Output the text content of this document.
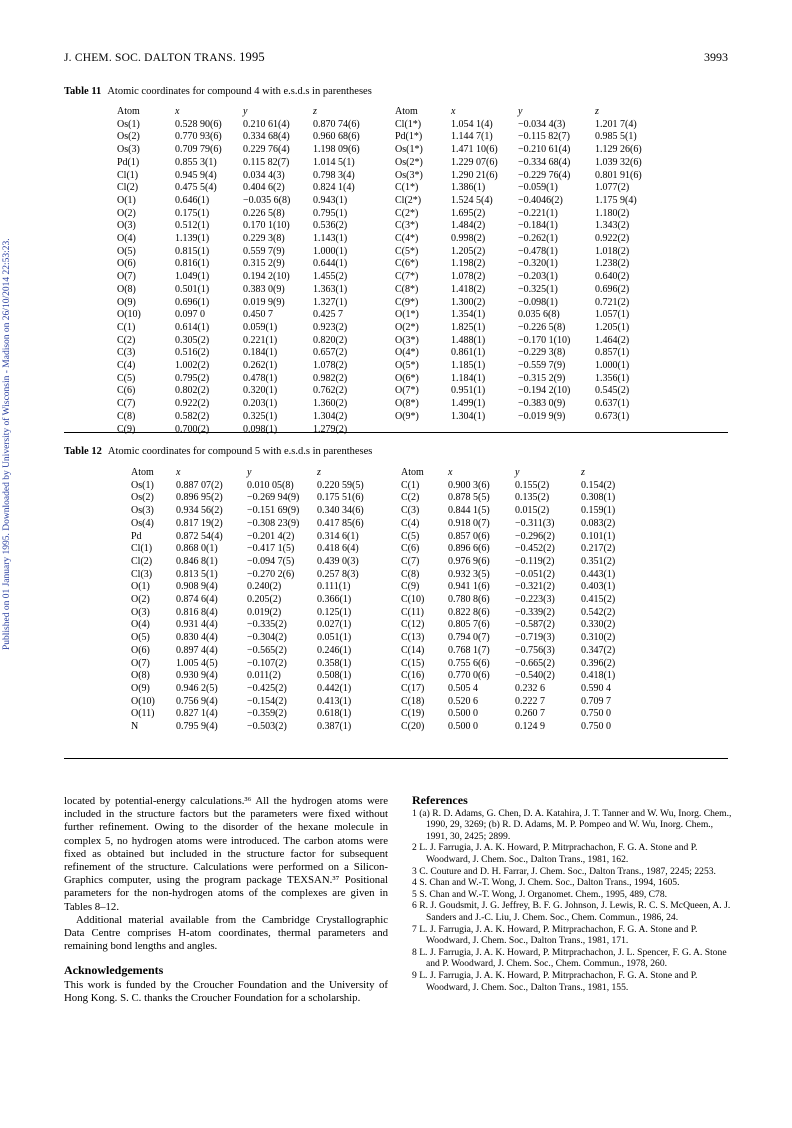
Published on 01 January 1995. Downloaded by University of Wisconsin - Madison on 26/10/2014 22:53:23.
J. CHEM. SOC. DALTON TRANS. 1995	3993
Table 11 Atomic coordinates for compound 4 with e.s.d.s in parentheses
Atom	x	y	z	Atom	x	y	z
Os(1)	0.528 90(6)	0.210 61(4)	0.870 74(6)	Cl(1*)	1.054 1(4)	−0.034 4(3)	1.201 7(4)
Os(2)	0.770 93(6)	0.334 68(4)	0.960 68(6)	Pd(1*)	1.144 7(1)	−0.115 82(7)	0.985 5(1)
Os(3)	0.709 79(6)	0.229 76(4)	1.198 09(6)	Os(1*)	1.471 10(6)	−0.210 61(4)	1.129 26(6)
Pd(1)	0.855 3(1)	0.115 82(7)	1.014 5(1)	Os(2*)	1.229 07(6)	−0.334 68(4)	1.039 32(6)
Cl(1)	0.945 9(4)	0.034 4(3)	0.798 3(4)	Os(3*)	1.290 21(6)	−0.229 76(4)	0.801 91(6)
Cl(2)	0.475 5(4)	0.404 6(2)	0.824 1(4)	C(1*)	1.386(1)	−0.059(1)	1.077(2)
O(1)	0.646(1)	−0.035 6(8)	0.943(1)	Cl(2*)	1.524 5(4)	−0.4046(2)	1.175 9(4)
O(2)	0.175(1)	0.226 5(8)	0.795(1)	C(2*)	1.695(2)	−0.221(1)	1.180(2)
O(3)	0.512(1)	0.170 1(10)	0.536(2)	C(3*)	1.484(2)	−0.184(1)	1.343(2)
O(4)	1.139(1)	0.229 3(8)	1.143(1)	C(4*)	0.998(2)	−0.262(1)	0.922(2)
O(5)	0.815(1)	0.559 7(9)	1.000(1)	C(5*)	1.205(2)	−0.478(1)	1.018(2)
O(6)	0.816(1)	0.315 2(9)	0.644(1)	C(6*)	1.198(2)	−0.320(1)	1.238(2)
O(7)	1.049(1)	0.194 2(10)	1.455(2)	C(7*)	1.078(2)	−0.203(1)	0.640(2)
O(8)	0.501(1)	0.383 0(9)	1.363(1)	C(8*)	1.418(2)	−0.325(1)	0.696(2)
O(9)	0.696(1)	0.019 9(9)	1.327(1)	C(9*)	1.300(2)	−0.098(1)	0.721(2)
O(10)	0.097 0	0.450 7	0.425 7	O(1*)	1.354(1)	0.035 6(8)	1.057(1)
C(1)	0.614(1)	0.059(1)	0.923(2)	O(2*)	1.825(1)	−0.226 5(8)	1.205(1)
C(2)	0.305(2)	0.221(1)	0.820(2)	O(3*)	1.488(1)	−0.170 1(10)	1.464(2)
C(3)	0.516(2)	0.184(1)	0.657(2)	O(4*)	0.861(1)	−0.229 3(8)	0.857(1)
C(4)	1.002(2)	0.262(1)	1.078(2)	O(5*)	1.185(1)	−0.559 7(9)	1.000(1)
C(5)	0.795(2)	0.478(1)	0.982(2)	O(6*)	1.184(1)	−0.315 2(9)	1.356(1)
C(6)	0.802(2)	0.320(1)	0.762(2)	O(7*)	0.951(1)	−0.194 2(10)	0.545(2)
C(7)	0.922(2)	0.203(1)	1.360(2)	O(8*)	1.499(1)	−0.383 0(9)	0.637(1)
C(8)	0.582(2)	0.325(1)	1.304(2)	O(9*)	1.304(1)	−0.019 9(9)	0.673(1)
C(9)	0.700(2)	0.098(1)	1.279(2)				
Table 12 Atomic coordinates for compound 5 with e.s.d.s in parentheses
Atom	x	y	z	Atom	x	y	z
Os(1)	0.887 07(2)	0.010 05(8)	0.220 59(5)	C(1)	0.900 3(6)	0.155(2)	0.154(2)
Os(2)	0.896 95(2)	−0.269 94(9)	0.175 51(6)	C(2)	0.878 5(5)	0.135(2)	0.308(1)
Os(3)	0.934 56(2)	−0.151 69(9)	0.340 34(6)	C(3)	0.844 1(5)	0.015(2)	0.159(1)
Os(4)	0.817 19(2)	−0.308 23(9)	0.417 85(6)	C(4)	0.918 0(7)	−0.311(3)	0.083(2)
Pd	0.872 54(4)	−0.201 4(2)	0.314 6(1)	C(5)	0.857 0(6)	−0.296(2)	0.101(1)
Cl(1)	0.868 0(1)	−0.417 1(5)	0.418 6(4)	C(6)	0.896 6(6)	−0.452(2)	0.217(2)
Cl(2)	0.846 8(1)	−0.094 7(5)	0.439 0(3)	C(7)	0.976 9(6)	−0.119(2)	0.351(2)
Cl(3)	0.813 5(1)	−0.270 2(6)	0.257 8(3)	C(8)	0.932 3(5)	−0.051(2)	0.443(1)
O(1)	0.908 9(4)	0.240(2)	0.111(1)	C(9)	0.941 1(6)	−0.321(2)	0.403(1)
O(2)	0.874 6(4)	0.205(2)	0.366(1)	C(10)	0.780 8(6)	−0.223(3)	0.415(2)
O(3)	0.816 8(4)	0.019(2)	0.125(1)	C(11)	0.822 8(6)	−0.339(2)	0.542(2)
O(4)	0.931 4(4)	−0.335(2)	0.027(1)	C(12)	0.805 7(6)	−0.587(2)	0.330(2)
O(5)	0.830 4(4)	−0.304(2)	0.051(1)	C(13)	0.794 0(7)	−0.719(3)	0.310(2)
O(6)	0.897 4(4)	−0.565(2)	0.246(1)	C(14)	0.768 1(7)	−0.756(3)	0.347(2)
O(7)	1.005 4(5)	−0.107(2)	0.358(1)	C(15)	0.755 6(6)	−0.665(2)	0.396(2)
O(8)	0.930 9(4)	0.011(2)	0.508(1)	C(16)	0.770 0(6)	−0.540(2)	0.418(1)
O(9)	0.946 2(5)	−0.425(2)	0.442(1)	C(17)	0.505 4	0.232 6	0.590 4
O(10)	0.756 9(4)	−0.154(2)	0.413(1)	C(18)	0.520 6	0.222 7	0.709 7
O(11)	0.827 1(4)	−0.359(2)	0.618(1)	C(19)	0.500 0	0.260 7	0.750 0
N	0.795 9(4)	−0.503(2)	0.387(1)	C(20)	0.500 0	0.124 9	0.750 0

located by potential-energy calculations.³⁶ All the hydrogen atoms were included in the structure factors but the parameters were fixed without further refinement. Owing to the disorder of the hexane molecule in complex 5, no hydrogen atoms were introduced. The carbon atoms were fixed as obtained but included in the structure factor for subsequent refinement of the structure. Calculations were performed on a Silicon-Graphics computer, using the program package TEXSAN.³⁷ Positional parameters for the non-hydrogen atoms of the complexes are given in Tables 8–12.

Additional material available from the Cambridge Crystallographic Data Centre comprises H-atom coordinates, thermal parameters and remaining bond lengths and angles.

Acknowledgements

This work is funded by the Croucher Foundation and the University of Hong Kong. S. C. thanks the Croucher Foundation for a scholarship.

References

1 (a) R. D. Adams, G. Chen, D. A. Katahira, J. T. Tanner and W. Wu, Inorg. Chem., 1990, 29, 3269; (b) R. D. Adams, M. P. Pompeo and W. Wu, Inorg. Chem., 1991, 30, 2425; 2899.

2 L. J. Farrugia, J. A. K. Howard, P. Mitrprachachon, F. G. A. Stone and P. Woodward, J. Chem. Soc., Dalton Trans., 1981, 162.

3 C. Couture and D. H. Farrar, J. Chem. Soc., Dalton Trans., 1987, 2245; 2253.

4 S. Chan and W.-T. Wong, J. Chem. Soc., Dalton Trans., 1994, 1605.

5 S. Chan and W.-T. Wong, J. Organomet. Chem., 1995, 489, C78.

6 R. J. Goudsmit, J. G. Jeffrey, B. F. G. Johnson, J. Lewis, R. C. S. McQueen, A. J. Sanders and J.-C. Liu, J. Chem. Soc., Chem. Commun., 1986, 24.

7 L. J. Farrugia, J. A. K. Howard, P. Mitrprachachon, F. G. A. Stone and P. Woodward, J. Chem. Soc., Dalton Trans., 1981, 171.

8 L. J. Farrugia, J. A. K. Howard, P. Mitrprachachon, J. L. Spencer, F. G. A. Stone and P. Woodward, J. Chem. Soc., Chem. Commun., 1978, 260.

9 L. J. Farrugia, J. A. K. Howard, P. Mitrprachachon, F. G. A. Stone and P. Woodward, J. Chem. Soc., Dalton Trans., 1981, 155.
